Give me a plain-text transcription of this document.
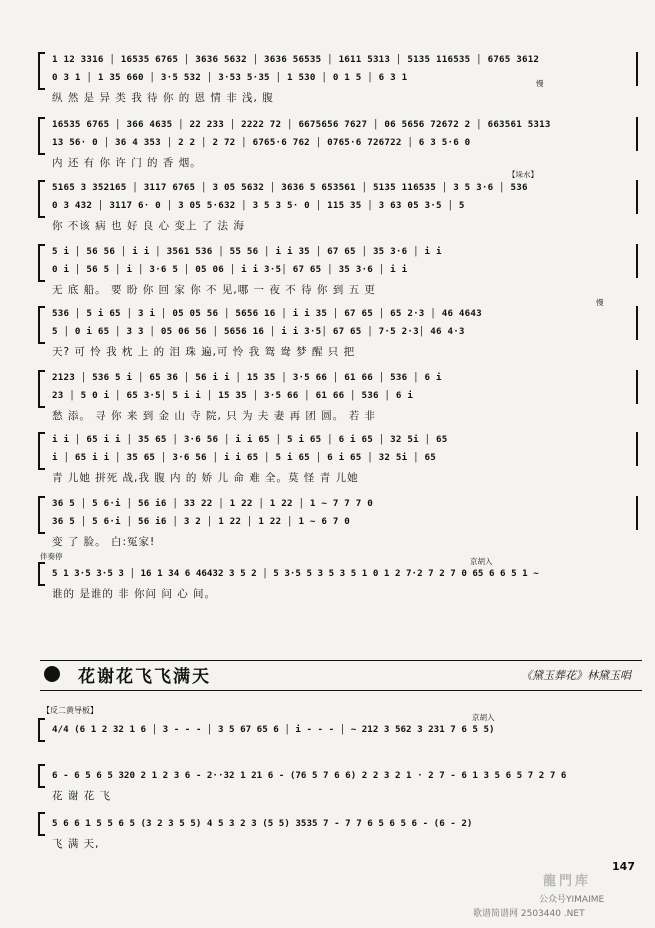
1 12 3316 │ 16535 6765 │ 3636 5632 │ 3636 56535 │ 1611 5313 │ 5135 116535 │ 6765 3612
0 3 1 │ 1 35 660 │ 3·5 532 │ 3·53 5·35 │ 1 530 │ 0 1 5 │ 6 3 1
纵 然 是 异 类 我 待 你 的 恩 情 非 浅, 腹
慢
16535 6765 │ 366 4635 │ 22 233 │ 2222 72 │ 6675656 7627 │ 06 5656 72672 2 │ 663561 5313
13 56· 0 │ 36 4 353 │ 2 2 │ 2 72 │ 6765·6 762 │ 0765·6 726722 │ 6 3 5·6 0
内 还 有 你 许 门 的 香 烟。
5165 3 352165 │ 3117 6765 │ 3 05 5632 │ 3636 5 653561 │ 5135 116535 │ 3 5 3·6 │ 536
0 3 432 │ 3117 6· 0 │ 3 05 5·632 │ 3 5 3 5· 0 │ 115 35 │ 3 63 05 3·5 │ 5
你 不该 病 也 好 良 心 变上 了 法 海
【垛水】
5 i │ 56 56 │ i i │ 3561 536 │ 55 56 │ i i 35 │ 67 65 │ 35 3·6 │ i i
0 i │ 56 5 │ i │ 3·6 5 │ 05 06 │ i i 3·5│ 67 65 │ 35 3·6 │ i i
无 底 船。 要 盼 你 回 家 你 不 见,哪 一 夜 不 待 你 到 五 更
536 │ 5 i 65 │ 3 i │ 05 05 56 │ 5656 16 │ i i 35 │ 67 65 │ 65 2·3 │ 46 4643
5 │ 0 i 65 │ 3 3 │ 05 06 56 │ 5656 16 │ i i 3·5│ 67 65 │ 7·5 2·3│ 46 4·3
天? 可 怜 我 枕 上 的 泪 珠 遍,可 怜 我 鸳 鸯 梦 醒 只 把
慢
2123 │ 536 5 i │ 65 36 │ 56 i i │ 15 35 │ 3·5 66 │ 61 66 │ 536 │ 6 i
23 │ 5 0 i │ 65 3·5│ 5 i i │ 15 35 │ 3·5 66 │ 61 66 │ 536 │ 6 i
愁 添。 寻 你 来 到 金 山 寺 院, 只 为 夫 妻 再 团 圆。 若 非
i i │ 65 i i │ 35 65 │ 3·6 56 │ i i 65 │ 5 i 65 │ 6 i 65 │ 32 5i │ 65
i │ 65 i i │ 35 65 │ 3·6 56 │ i i 65 │ 5 i 65 │ 6 i 65 │ 32 5i │ 65
青 儿她 拼死 战,我 腹 内 的 娇 儿 命 难 全。莫 怪 青 儿她
36 5 │ 5 6·i │ 56 i6 │ 33 22 │ 1 22 │ 1 22 │ 1 ~ 7 7 7 0
36 5 │ 5 6·i │ 56 i6 │ 3 2 │ 1 22 │ 1 22 │ 1 ~ 6 7 0
变 了 脸。 白:冤家!
伴奏停
京胡入
5 1 3·5 3·5 3 │ 16 1 34 6 46432 3 5 2 │ 5 3·5 5 3 5 3 5 1 0 1 2 7·2 7 2 7 0 65 6 6 5 1 ~
谁的 是谁的 非 你问 问 心 间。
花谢花飞飞满天	《黛玉葬花》林黛玉唱
【反二黄导板】
京胡入
4/4 (6 1 2 32 1 6 │ 3 - - - │ 3 5 67 65 6 │ i - - - │ ~ 212 3 562 3 231 7 6 5 5)
6 - 6 5 6 5 320 2 1 2 3 6 - 2··32 1 21 6 - (76 5 7 6 6) 2 2 3 2 1 · 2 7 - 6 1 3 5 6 5 7 2 7 6
花 谢 花 飞
5 6 6 1 5 5 6 5 (3 2 3 5 5) 4 5 3 2 3 (5 5) 3535 7 - 7 7 6 5 6 5 6 - (6 - 2)
飞 满 天,
147
龍門库
公众号YIMAIME
歌谱简谱网 2503440 .NET
